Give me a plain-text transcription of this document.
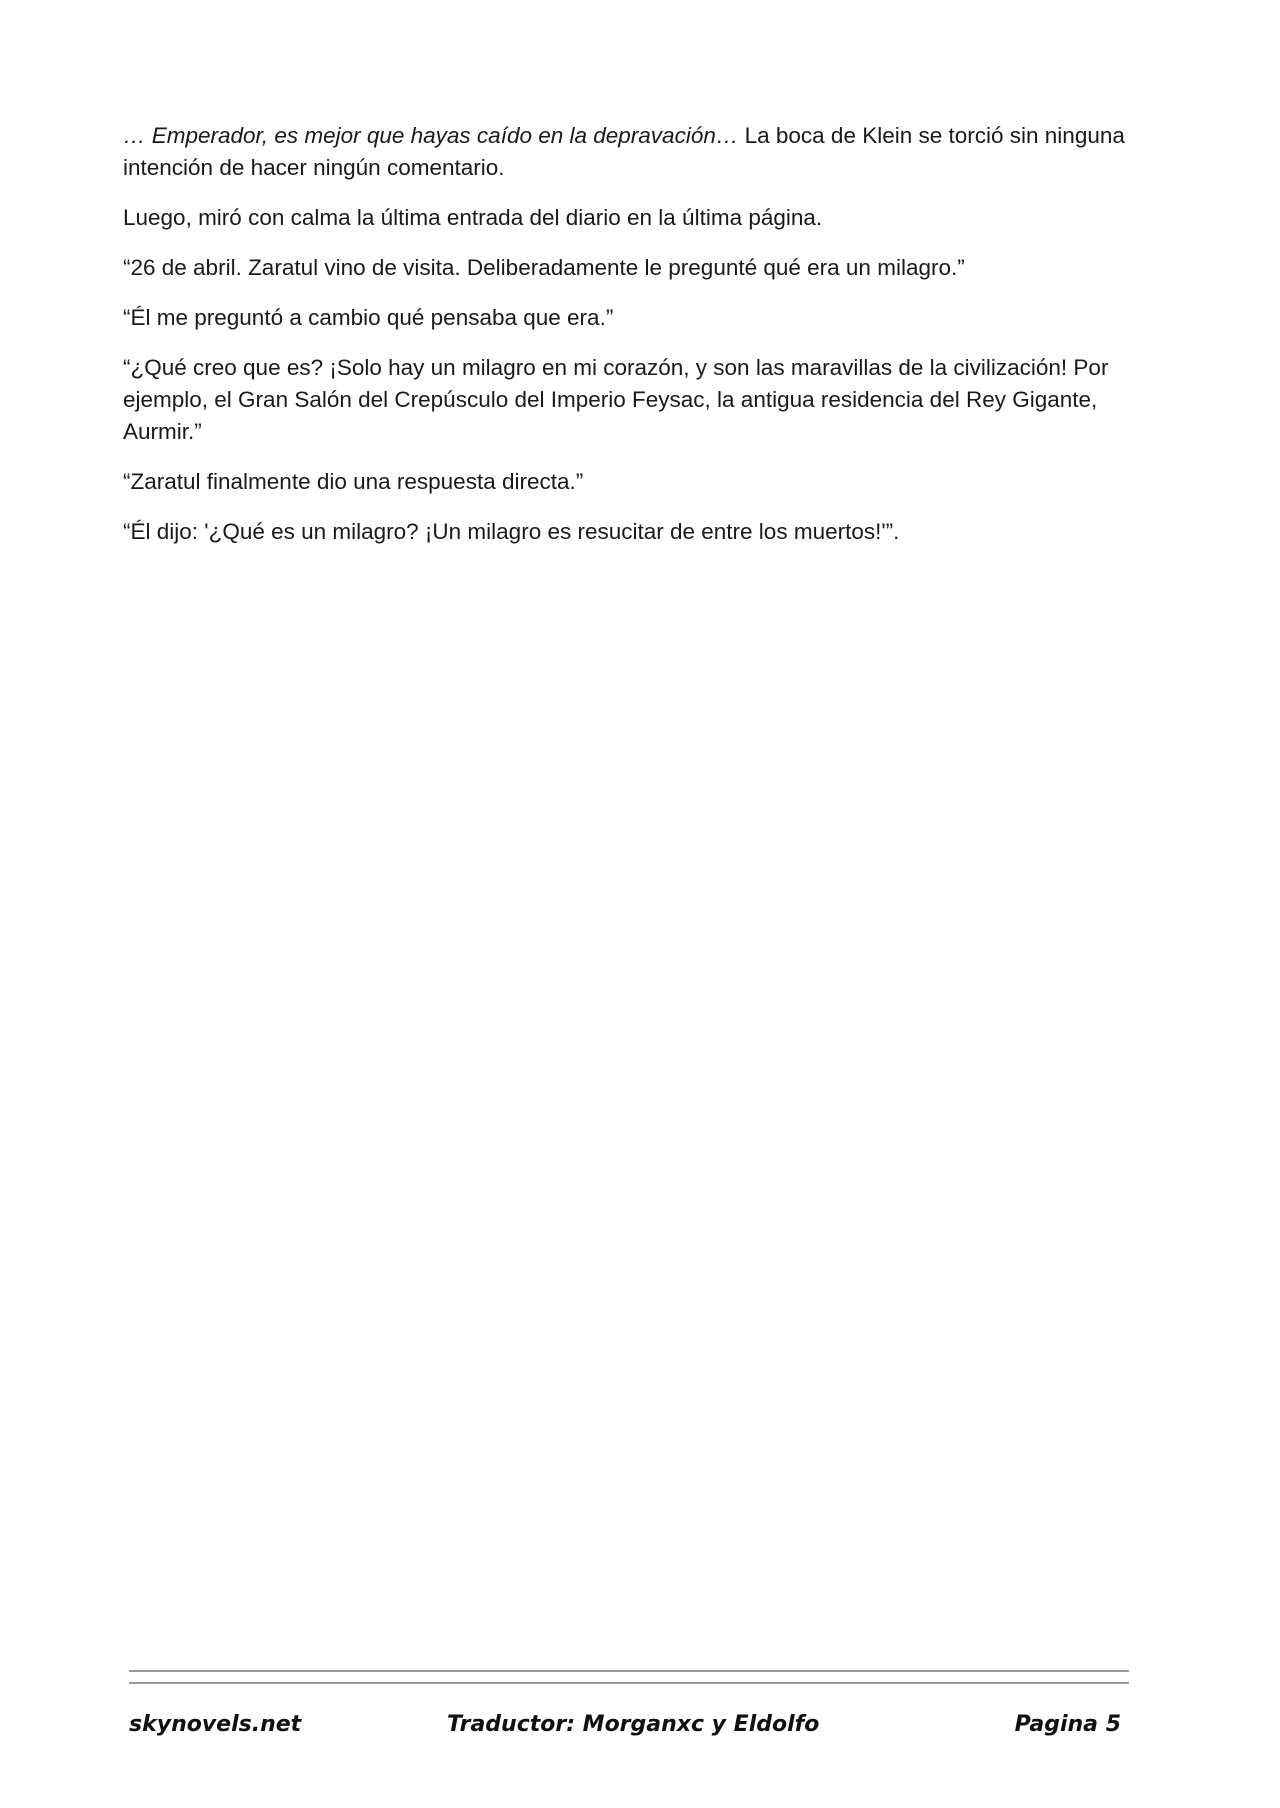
… Emperador, es mejor que hayas caído en la depravación… La boca de Klein se torció sin ninguna intención de hacer ningún comentario.

Luego, miró con calma la última entrada del diario en la última página.

“26 de abril. Zaratul vino de visita. Deliberadamente le pregunté qué era un milagro.”

“Él me preguntó a cambio qué pensaba que era.”

“¿Qué creo que es? ¡Solo hay un milagro en mi corazón, y son las maravillas de la civilización! Por ejemplo, el Gran Salón del Crepúsculo del Imperio Feysac, la antigua residencia del Rey Gigante, Aurmir.”

“Zaratul finalmente dio una respuesta directa.”

“Él dijo: '¿Qué es un milagro? ¡Un milagro es resucitar de entre los muertos!'”.

skynovels.net	Traductor: Morganxc y Eldolfo	Pagina 5
